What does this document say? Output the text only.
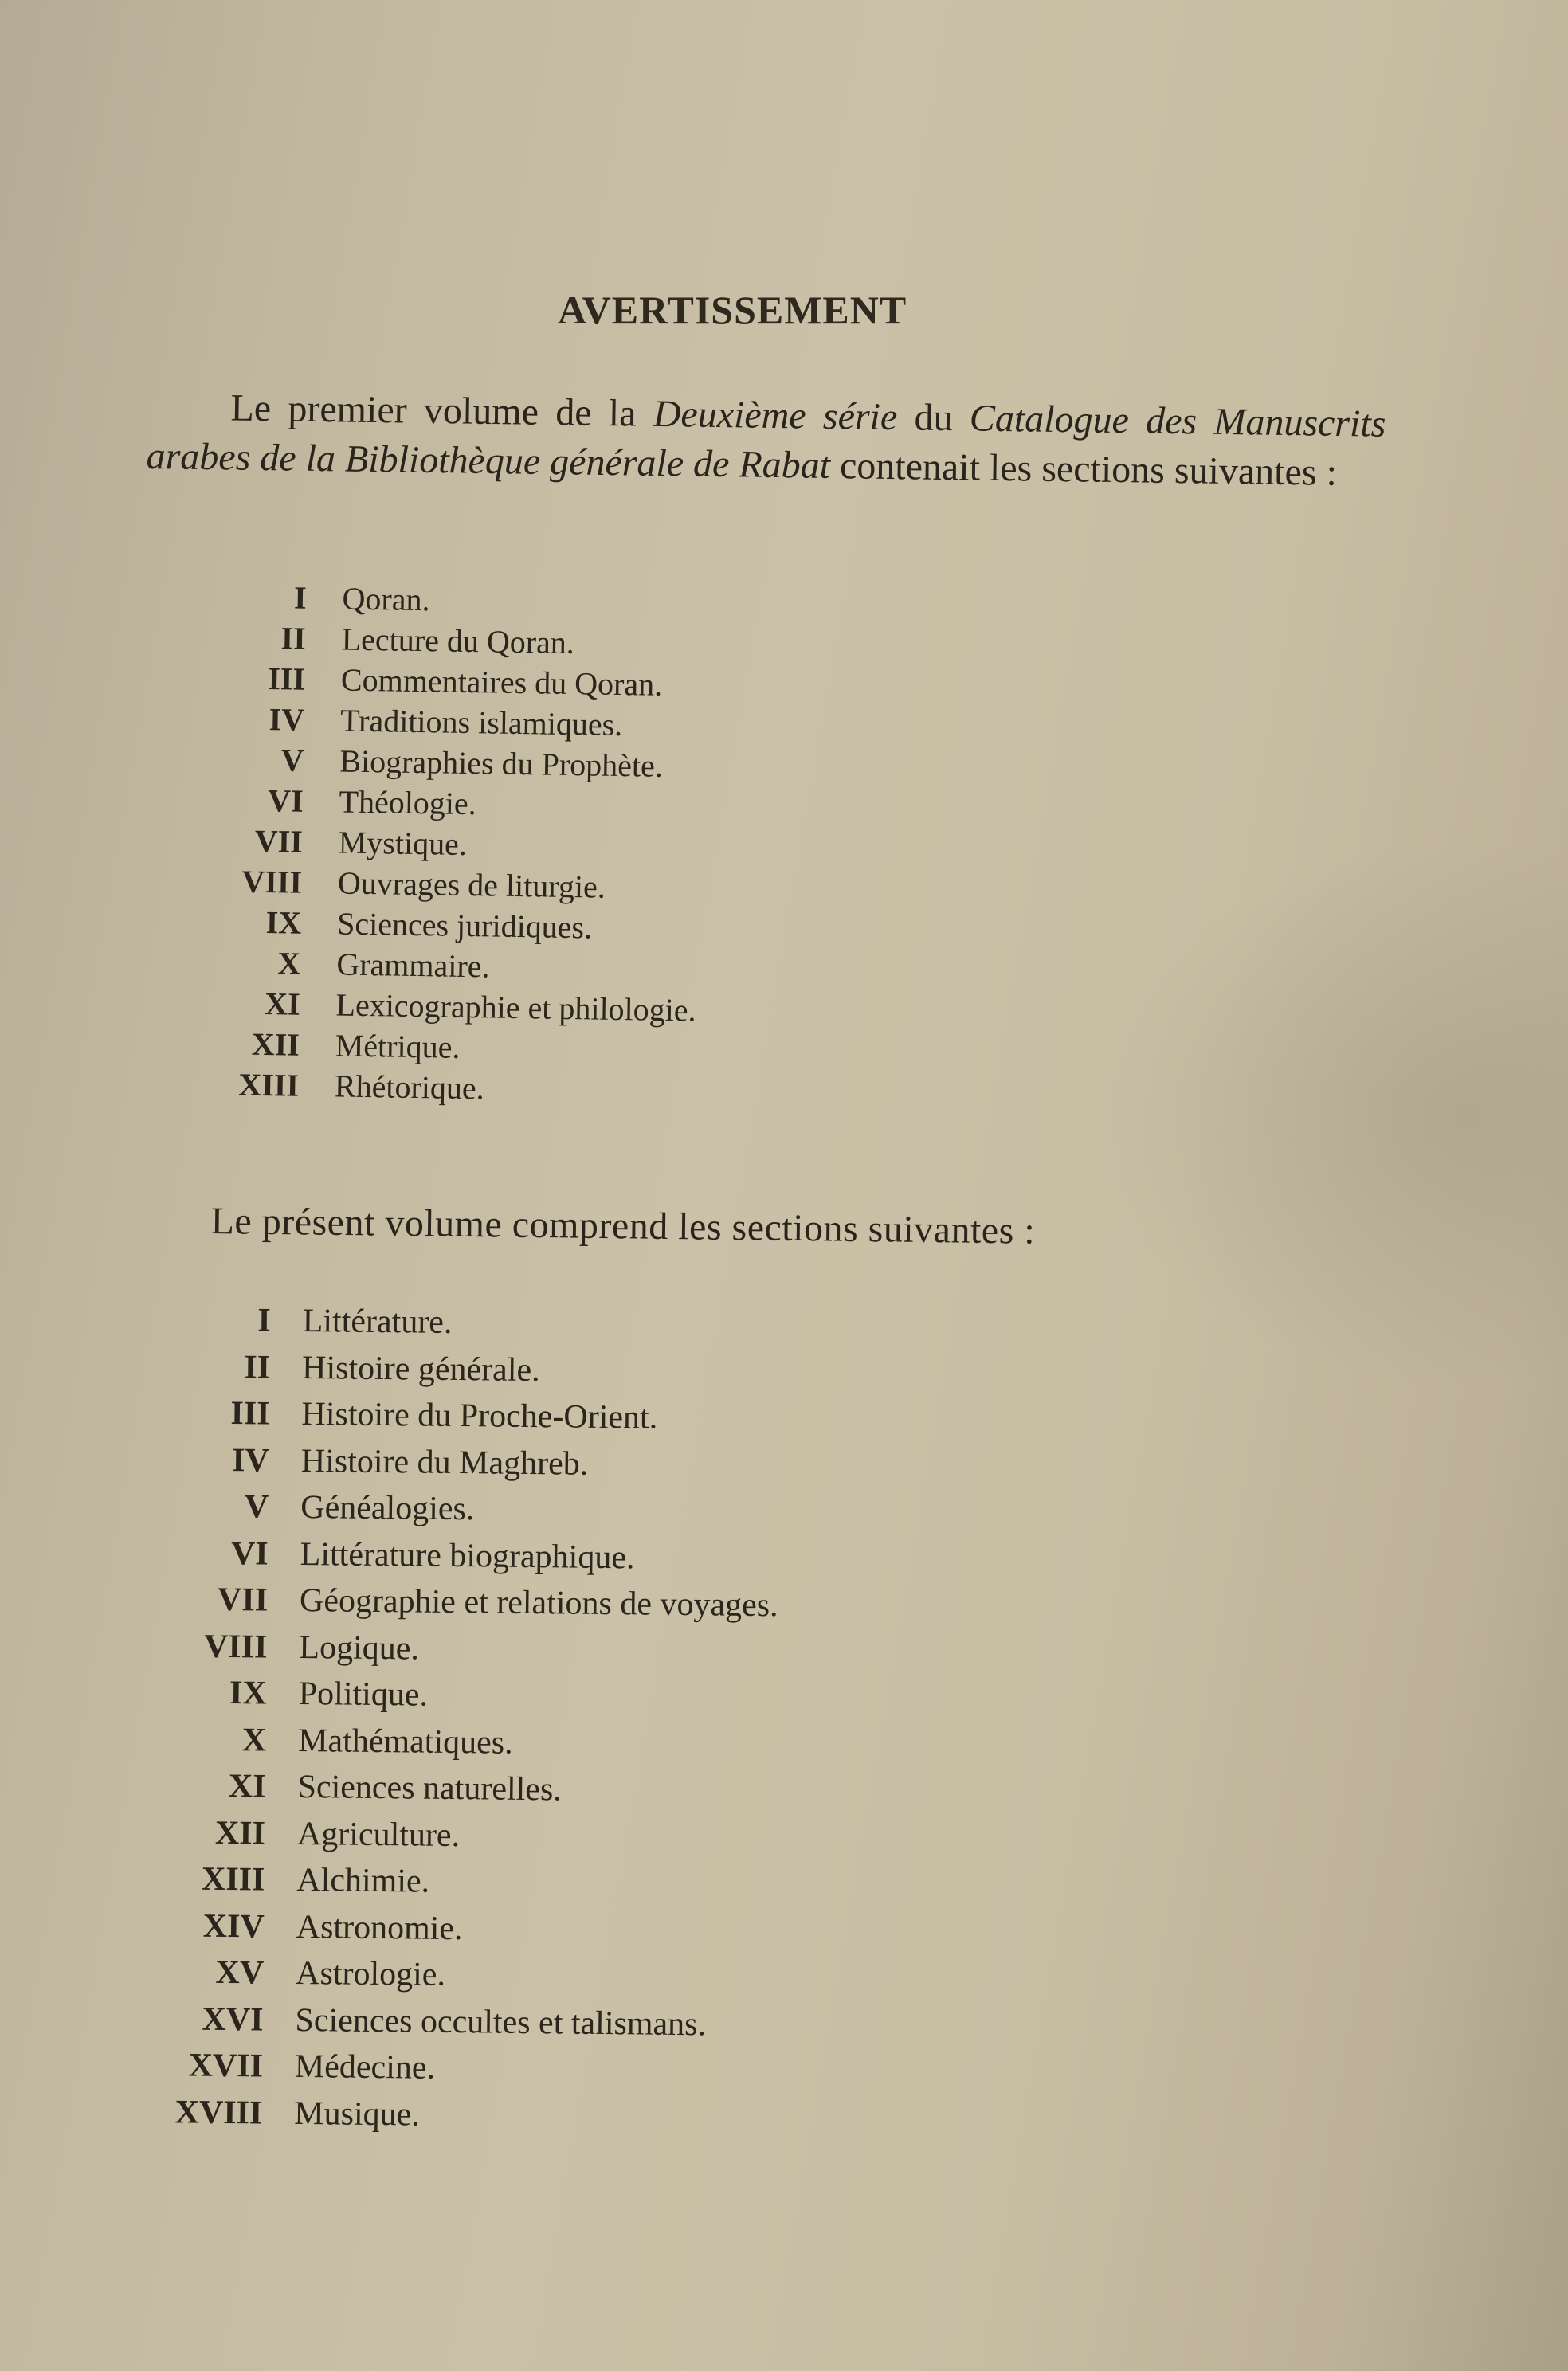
AVERTISSEMENT

Le premier volume de la Deuxième série du Catalogue des Manuscrits arabes de la Bibliothèque générale de Rabat contenait les sections suivantes :

I Qoran.
II Lecture du Qoran.
III Commentaires du Qoran.
IV Traditions islamiques.
V Biographies du Prophète.
VI Théologie.
VII Mystique.
VIII Ouvrages de liturgie.
IX Sciences juridiques.
X Grammaire.
XI Lexicographie et philologie.
XII Métrique.
XIII Rhétorique.
Le présent volume comprend les sections suivantes :
I Littérature.
II Histoire générale.
III Histoire du Proche-Orient.
IV Histoire du Maghreb.
V Généalogies.
VI Littérature biographique.
VII Géographie et relations de voyages.
VIII Logique.
IX Politique.
X Mathématiques.
XI Sciences naturelles.
XII Agriculture.
XIII Alchimie.
XIV Astronomie.
XV Astrologie.
XVI Sciences occultes et talismans.
XVII Médecine.
XVIII Musique.
